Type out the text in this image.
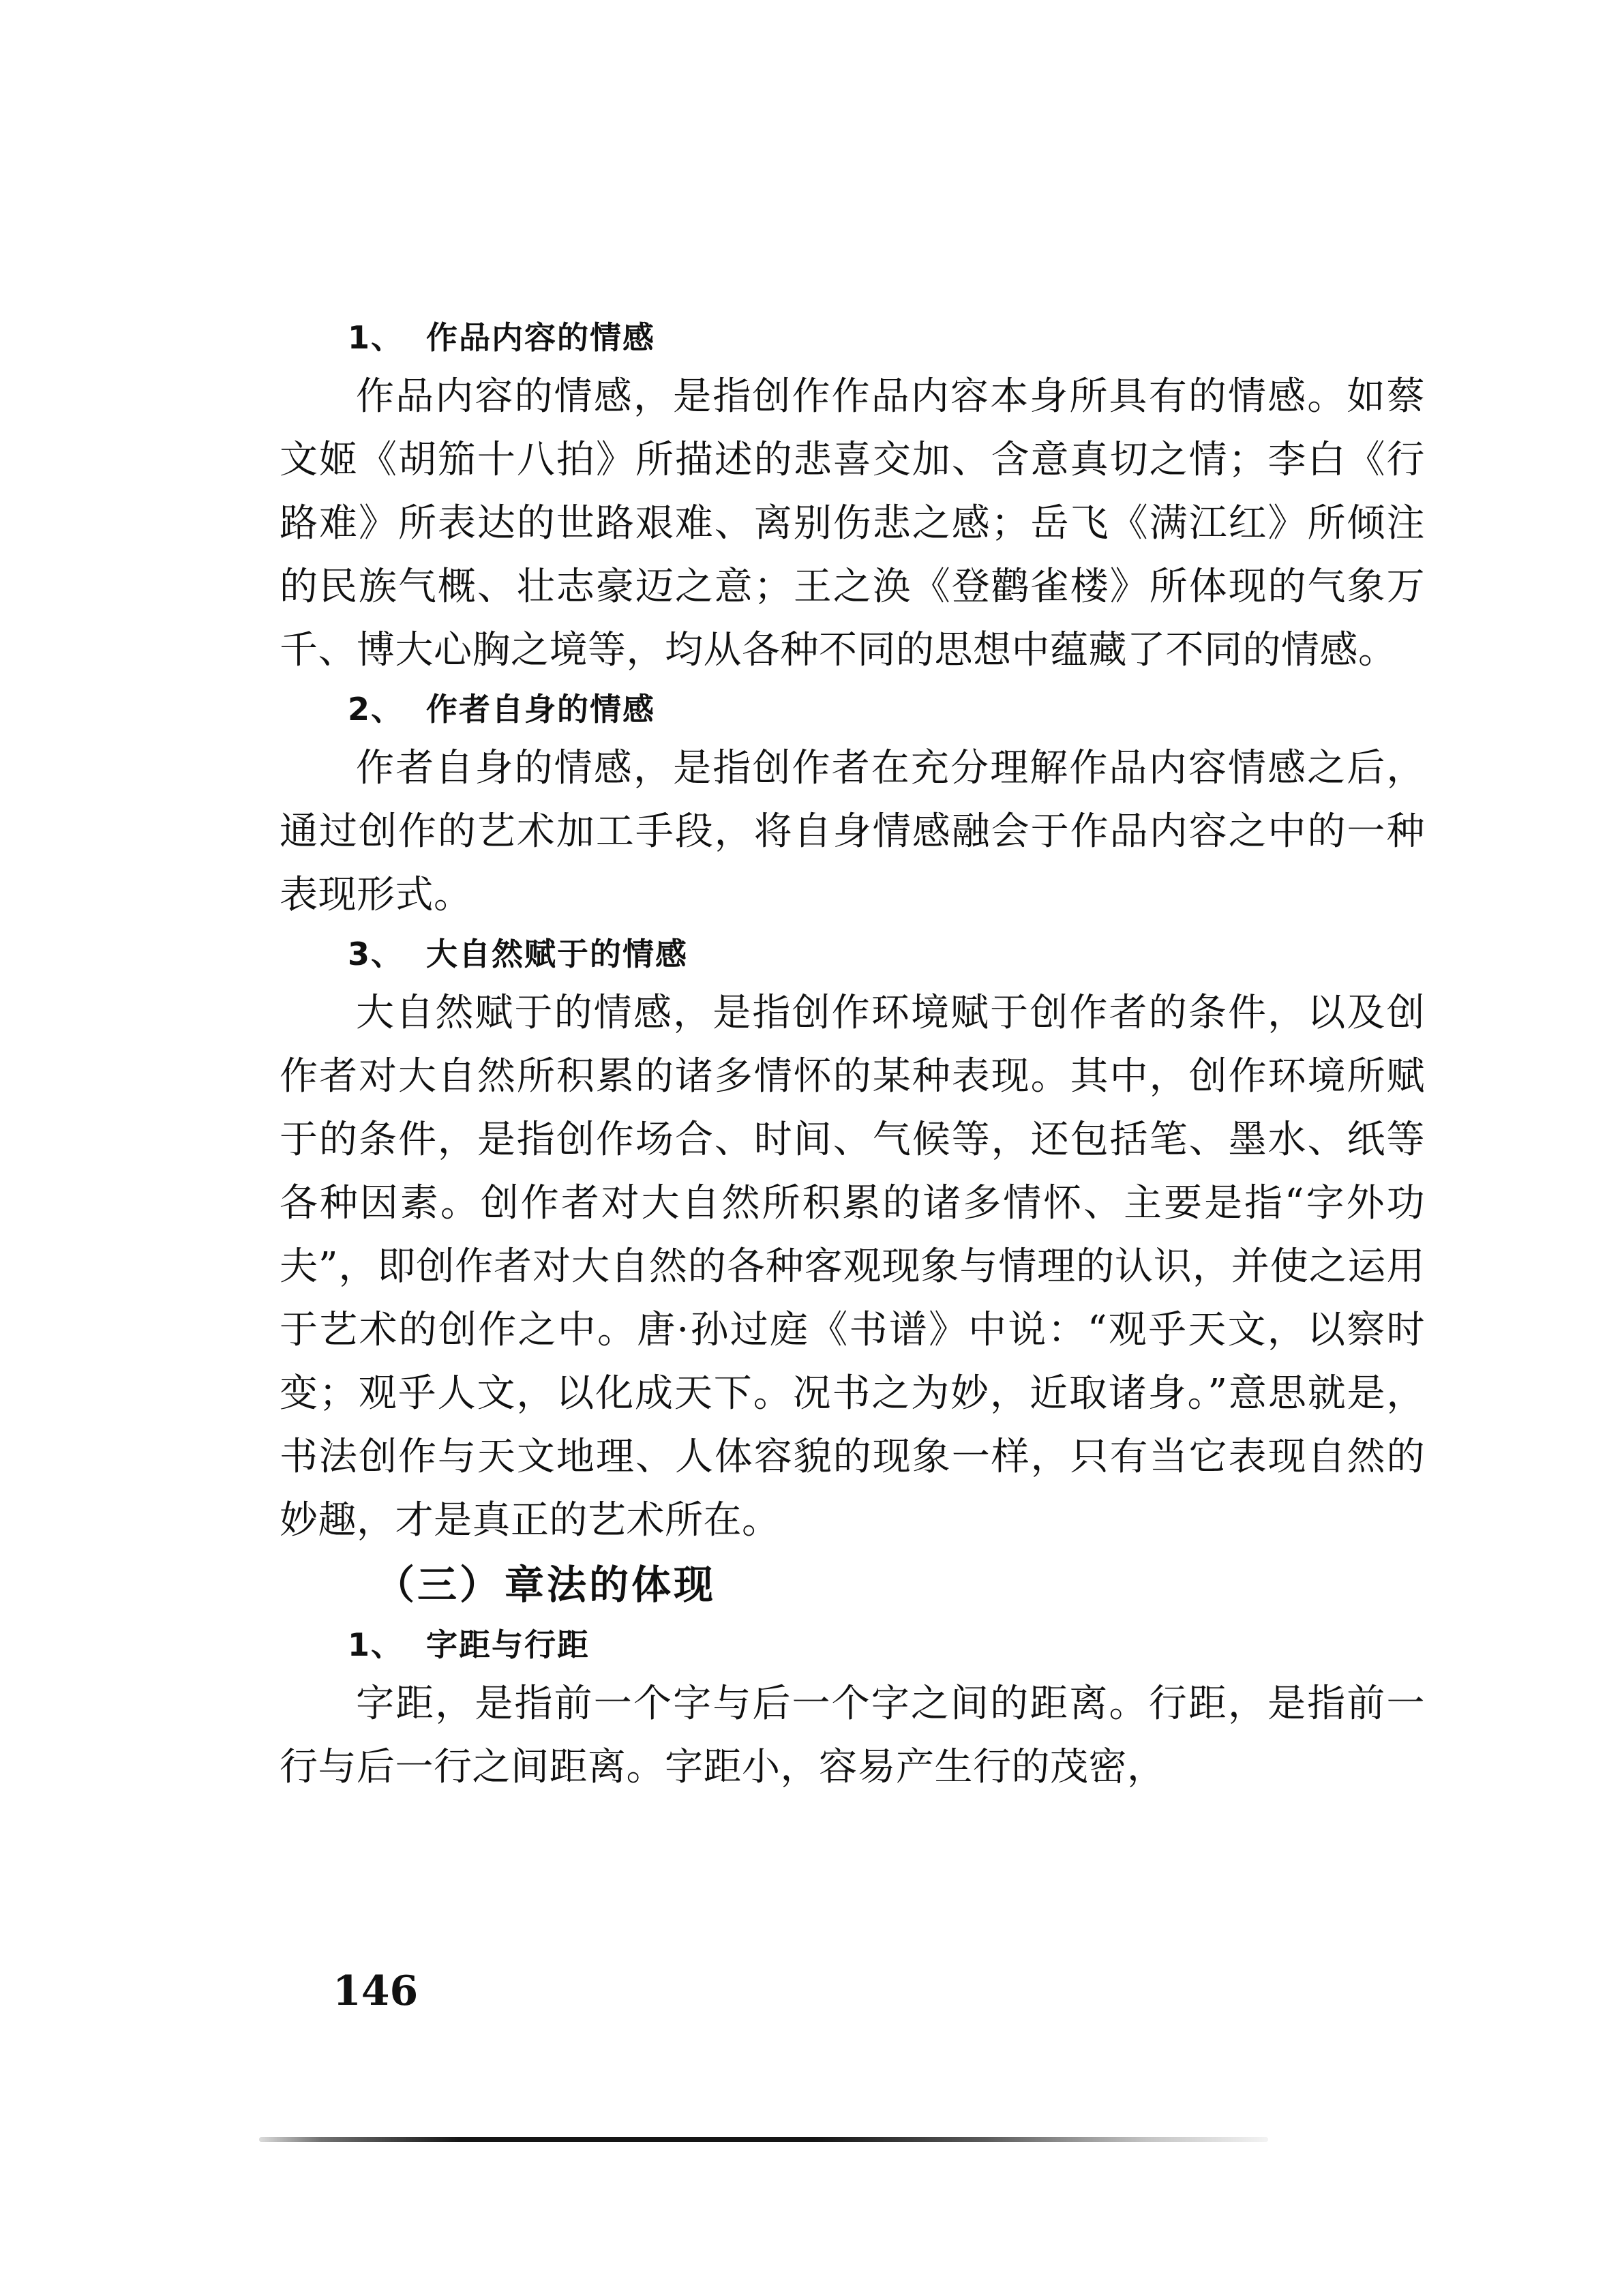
1、 作品内容的情感

作品内容的情感，是指创作作品内容本身所具有的情感。如蔡文姬《胡笳十八拍》所描述的悲喜交加、含意真切之情；李白《行路难》所表达的世路艰难、离别伤悲之感；岳飞《满江红》所倾注的民族气概、壮志豪迈之意；王之涣《登鹳雀楼》所体现的气象万千、博大心胸之境等，均从各种不同的思想中蕴藏了不同的情感。

2、 作者自身的情感

作者自身的情感，是指创作者在充分理解作品内容情感之后，通过创作的艺术加工手段，将自身情感融会于作品内容之中的一种表现形式。

3、 大自然赋于的情感

大自然赋于的情感，是指创作环境赋于创作者的条件，以及创作者对大自然所积累的诸多情怀的某种表现。其中，创作环境所赋于的条件，是指创作场合、时间、气候等，还包括笔、墨水、纸等各种因素。创作者对大自然所积累的诸多情怀、主要是指“字外功夫”，即创作者对大自然的各种客观现象与情理的认识，并使之运用于艺术的创作之中。唐·孙过庭《书谱》中说：“观乎天文，以察时变；观乎人文，以化成天下。况书之为妙，近取诸身。”意思就是，书法创作与天文地理、人体容貌的现象一样，只有当它表现自然的妙趣，才是真正的艺术所在。

（三）章法的体现

1、 字距与行距

字距，是指前一个字与后一个字之间的距离。行距，是指前一行与后一行之间距离。字距小，容易产生行的茂密，

146
